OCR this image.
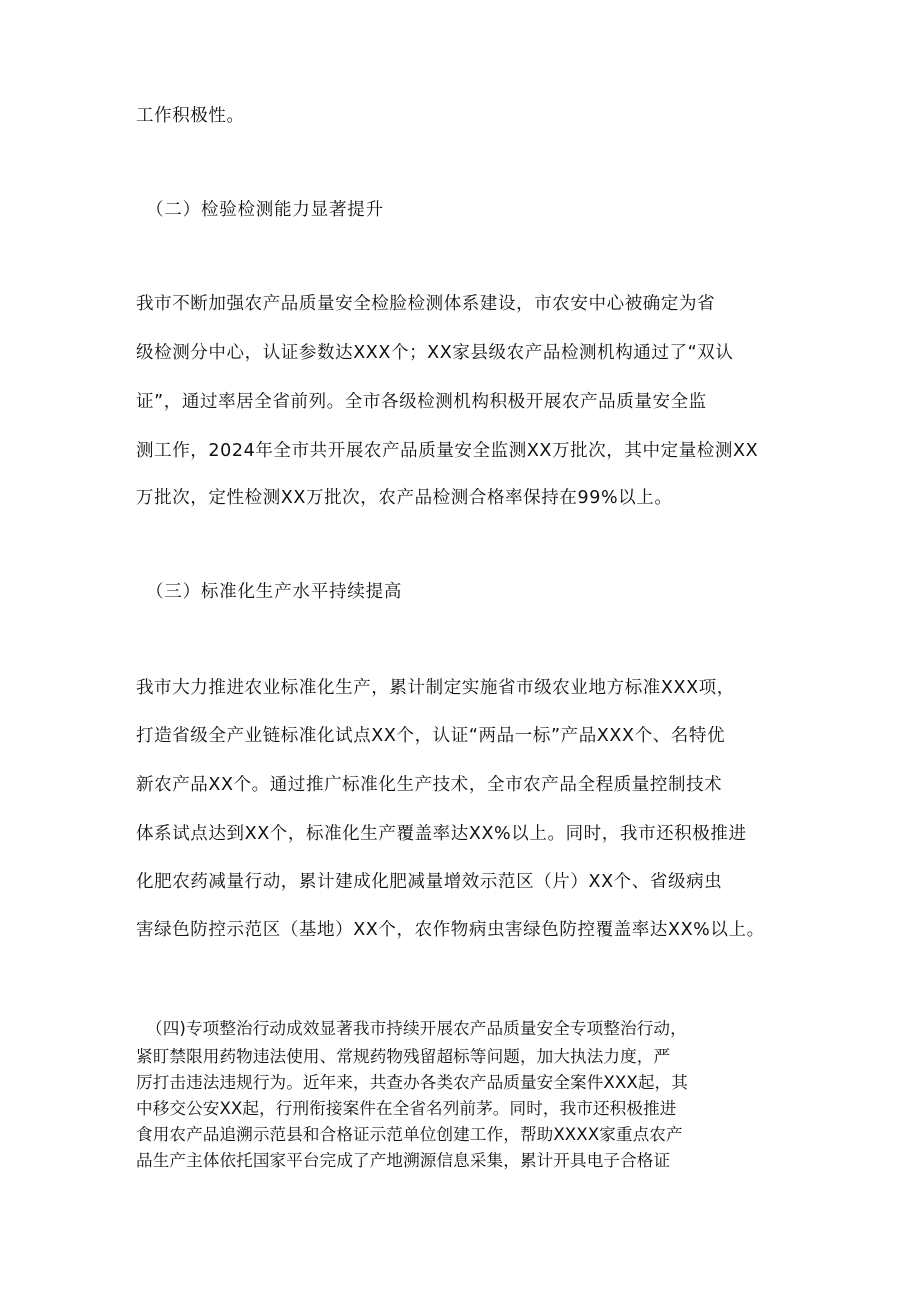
工作积极性。
（二）检验检测能力显著提升
我市不断加强农产品质量安全检脸检测体系建设，市农安中心被确定为省
级检测分中心，认证参数达XXX个；XX家县级农产品检测机构通过了“双认
证”，通过率居全省前列。全市各级检测机构积极开展农产品质量安全监
测工作，2024年全市共开展农产品质量安全监测XX万批次，其中定量检测XX
万批次，定性检测XX万批次，农产品检测合格率保持在99%以上。
（三）标准化生产水平持续提高
我市大力推进农业标准化生产，累计制定实施省市级农业地方标准XXX项，
打造省级全产业链标准化试点XX个，认证“两品一标”产品XXX个、名特优
新农产品XX个。通过推广标准化生产技术，全市农产品全程质量控制技术
体系试点达到XX个，标准化生产覆盖率达XX%以上。同时，我市还积极推进
化肥农药减量行动，累计建成化肥减量增效示范区（片）XX个、省级病虫
害绿色防控示范区（基地）XX个，农作物病虫害绿色防控覆盖率达XX%以上。
（四)专项整治行动成效显著我市持续开展农产品质量安全专项整治行动，
紧盯禁限用药物违法使用、常规药物残留超标等问题，加大执法力度，严
厉打击违法违规行为。近年来，共查办各类农产品质量安全案件XXX起，其
中移交公安XX起，行刑衔接案件在全省名列前茅。同时，我市还积极推进
食用农产品追溯示范县和合格证示范单位创建工作，帮助XXXX家重点农产
品生产主体依托国家平台完成了产地溯源信息采集，累计开具电子合格证
